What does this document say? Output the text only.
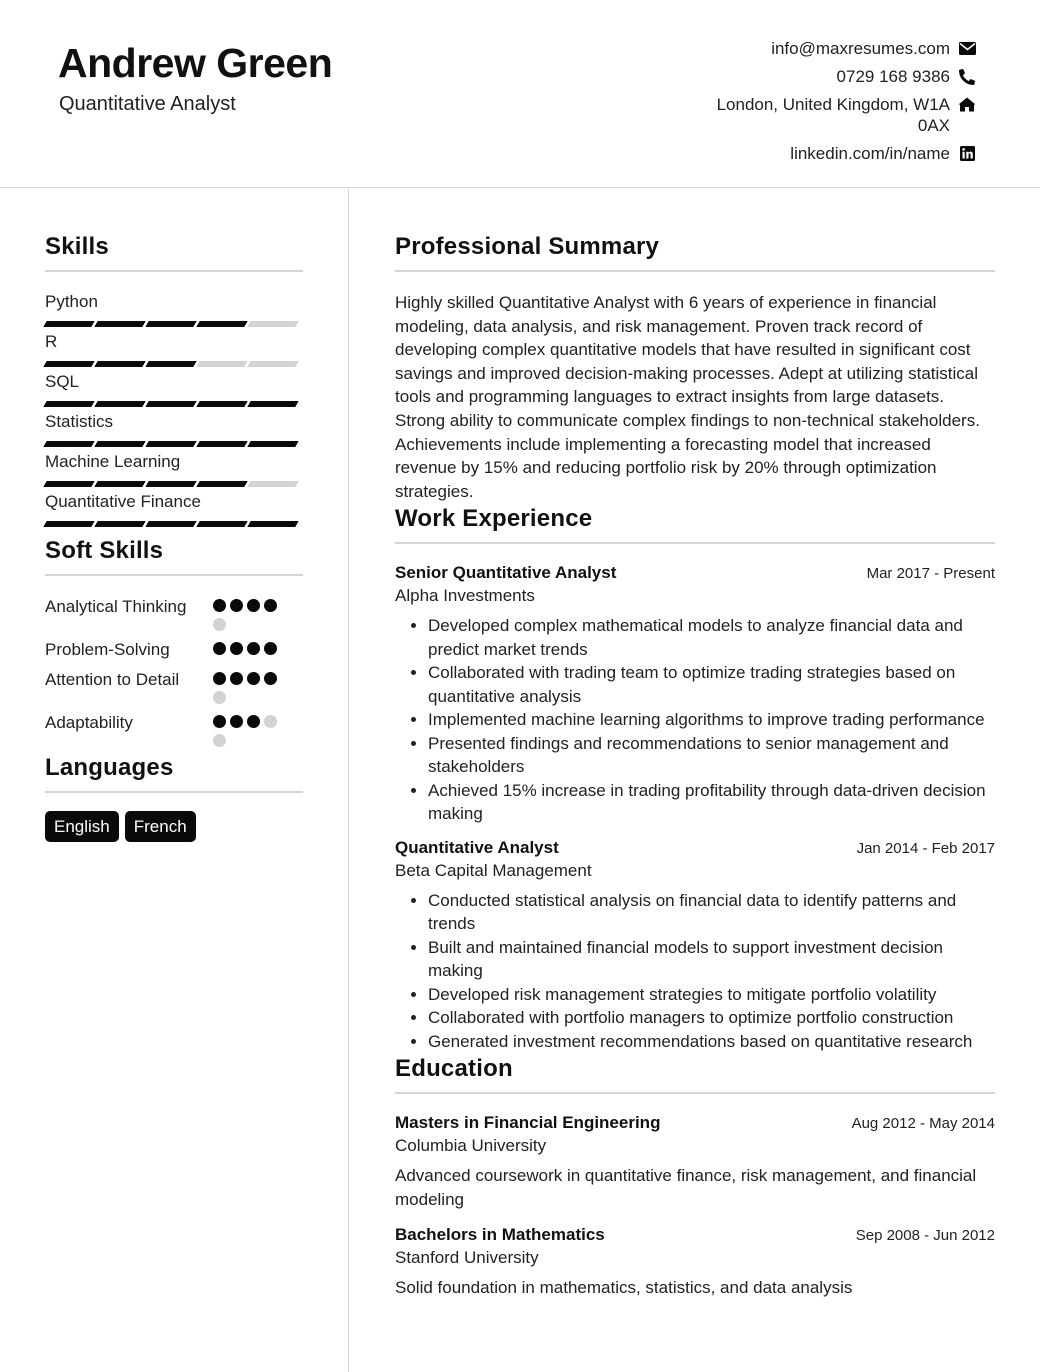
Andrew Green
Quantitative Analyst
info@maxresumes.com
0729 168 9386
London, United Kingdom, W1A 0AX
linkedin.com/in/name
Skills
Python
R
SQL
Statistics
Machine Learning
Quantitative Finance
Soft Skills
Analytical Thinking
Problem-Solving
Attention to Detail
Adaptability
Languages
English	French
Professional Summary
Highly skilled Quantitative Analyst with 6 years of experience in financial modeling, data analysis, and risk management. Proven track record of developing complex quantitative models that have resulted in significant cost savings and improved decision-making processes. Adept at utilizing statistical tools and programming languages to extract insights from large datasets. Strong ability to communicate complex findings to non-technical stakeholders. Achievements include implementing a forecasting model that increased revenue by 15% and reducing portfolio risk by 20% through optimization strategies.
Work Experience
Senior Quantitative Analyst	Mar 2017 - Present
Alpha Investments
• Developed complex mathematical models to analyze financial data and predict market trends
• Collaborated with trading team to optimize trading strategies based on quantitative analysis
• Implemented machine learning algorithms to improve trading performance
• Presented findings and recommendations to senior management and stakeholders
• Achieved 15% increase in trading profitability through data-driven decision making
Quantitative Analyst	Jan 2014 - Feb 2017
Beta Capital Management
• Conducted statistical analysis on financial data to identify patterns and trends
• Built and maintained financial models to support investment decision making
• Developed risk management strategies to mitigate portfolio volatility
• Collaborated with portfolio managers to optimize portfolio construction
• Generated investment recommendations based on quantitative research
Education
Masters in Financial Engineering	Aug 2012 - May 2014
Columbia University
Advanced coursework in quantitative finance, risk management, and financial modeling
Bachelors in Mathematics	Sep 2008 - Jun 2012
Stanford University
Solid foundation in mathematics, statistics, and data analysis
